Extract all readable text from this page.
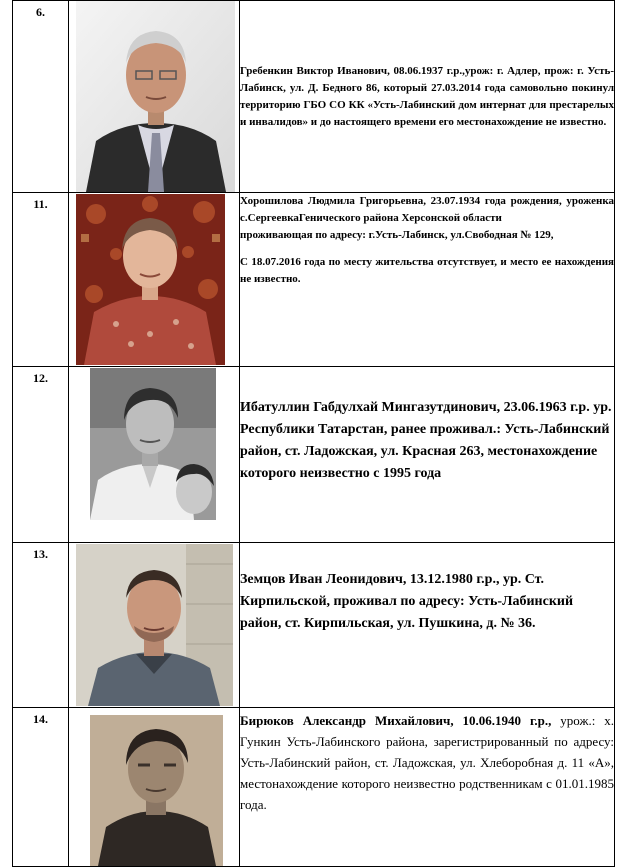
6.		Гребенкин Виктор Иванович, 08.06.1937 г.р.,урож: г. Адлер, прож: г. Усть-Лабинск, ул. Д. Бедного 86, который 27.03.2014 года самовольно покинул территорию ГБО СО КК «Усть-Лабинский дом интернат для престарелых и инвалидов» и до настоящего времени его местонахождение не известно.

11.		Хорошилова Людмила Григорьевна, 23.07.1934 года рождения, уроженка с.СергеевкаГенического района Херсонской области

проживающая по адресу: г.Усть-Лабинск, ул.Свободная № 129,

С 18.07.2016 года по месту жительства отсутствует, и место ее нахождения не известно.

12.		Ибатуллин Габдулхай Мингазутдинович, 23.06.1963 г.р. ур. Республики Татарстан, ранее проживал.: Усть-Лабинский район, ст. Ладожская, ул. Красная 263, местонахождение которого неизвестно с 1995 года

13.		Земцов Иван Леонидович, 13.12.1980 г.р., ур. Ст. Кирпильской, проживал по адресу: Усть-Лабинский район, ст. Кирпильская, ул. Пушкина, д. № 36.

14.		Бирюков Александр Михайлович, 10.06.1940 г.р., урож.: х. Гункин Усть-Лабинского района, зарегистрированный по адресу: Усть-Лабинский район, ст. Ладожская, ул. Хлеборобная д. 11 «А», местонахождение которого неизвестно родственникам с 01.01.1985 года.
